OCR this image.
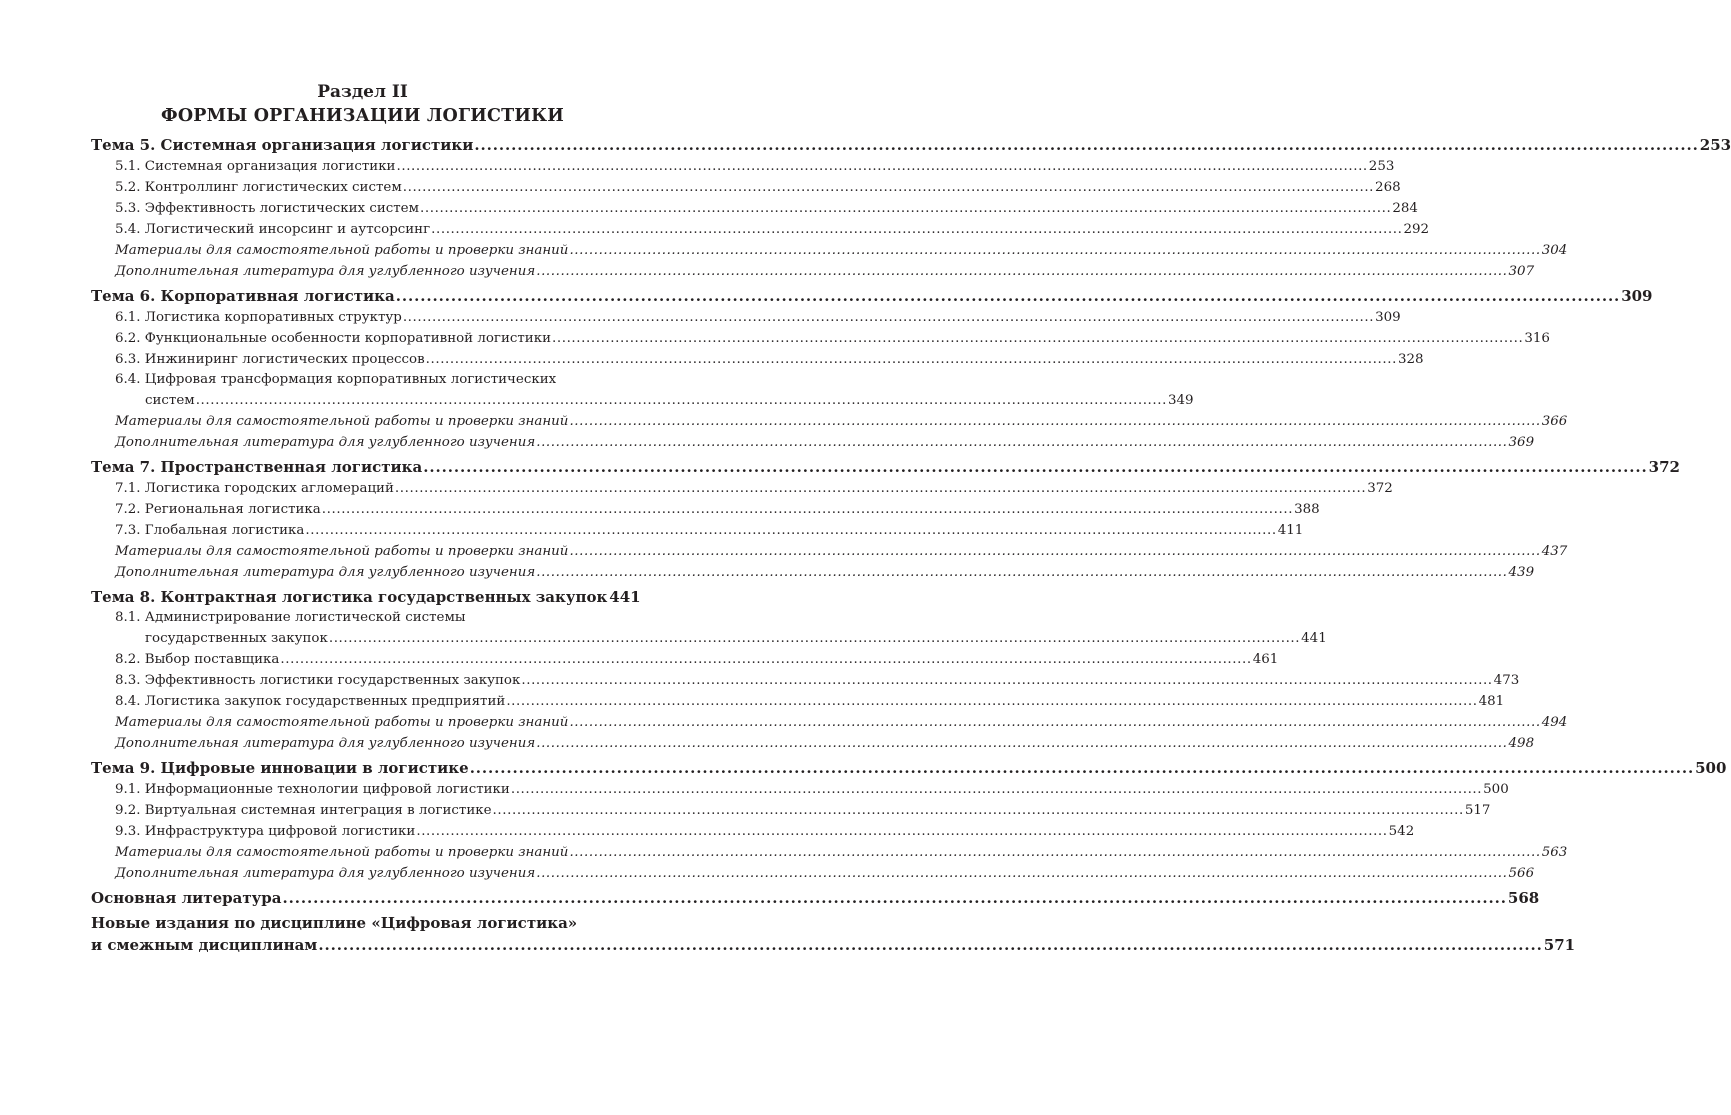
Раздел II
ФОРМЫ ОРГАНИЗАЦИИ ЛОГИСТИКИ
Тема 5. Системная организация логистики .....	253
5.1. Системная организация логистики .....	253
5.2. Контроллинг логистических систем .....	268
5.3. Эффективность логистических систем .....	284
5.4. Логистический инсорсинг и аутсорсинг .....	292
Материалы для самостоятельной работы и проверки знаний .....	304
Дополнительная литература для углубленного изучения .....	307
Тема 6. Корпоративная логистика .....	309
6.1. Логистика корпоративных структур .....	309
6.2. Функциональные особенности корпоративной логистики .....	316
6.3. Инжиниринг логистических процессов .....	328
6.4. Цифровая трансформация корпоративных логистических
систем .....	349
Материалы для самостоятельной работы и проверки знаний .....	366
Дополнительная литература для углубленного изучения .....	369
Тема 7. Пространственная логистика .....	372
7.1. Логистика городских агломераций .....	372
7.2. Региональная логистика .....	388
7.3. Глобальная логистика .....	411
Материалы для самостоятельной работы и проверки знаний .....	437
Дополнительная литература для углубленного изучения .....	439
Тема 8. Контрактная логистика государственных закупок 441
8.1. Администрирование логистической системы
государственных закупок .....	441
8.2. Выбор поставщика .....	461
8.3. Эффективность логистики государственных закупок .....	473
8.4. Логистика закупок государственных предприятий .....	481
Материалы для самостоятельной работы и проверки знаний .....	494
Дополнительная литература для углубленного изучения .....	498
Тема 9. Цифровые инновации в логистике .....	500
9.1. Информационные технологии цифровой логистики .....	500
9.2. Виртуальная системная интеграция в логистике .....	517
9.3. Инфраструктура цифровой логистики .....	542
Материалы для самостоятельной работы и проверки знаний .....	563
Дополнительная литература для углубленного изучения .....	566
Основная литература .....	568
Новые издания по дисциплине «Цифровая логистика»
и смежным дисциплинам .....	571
